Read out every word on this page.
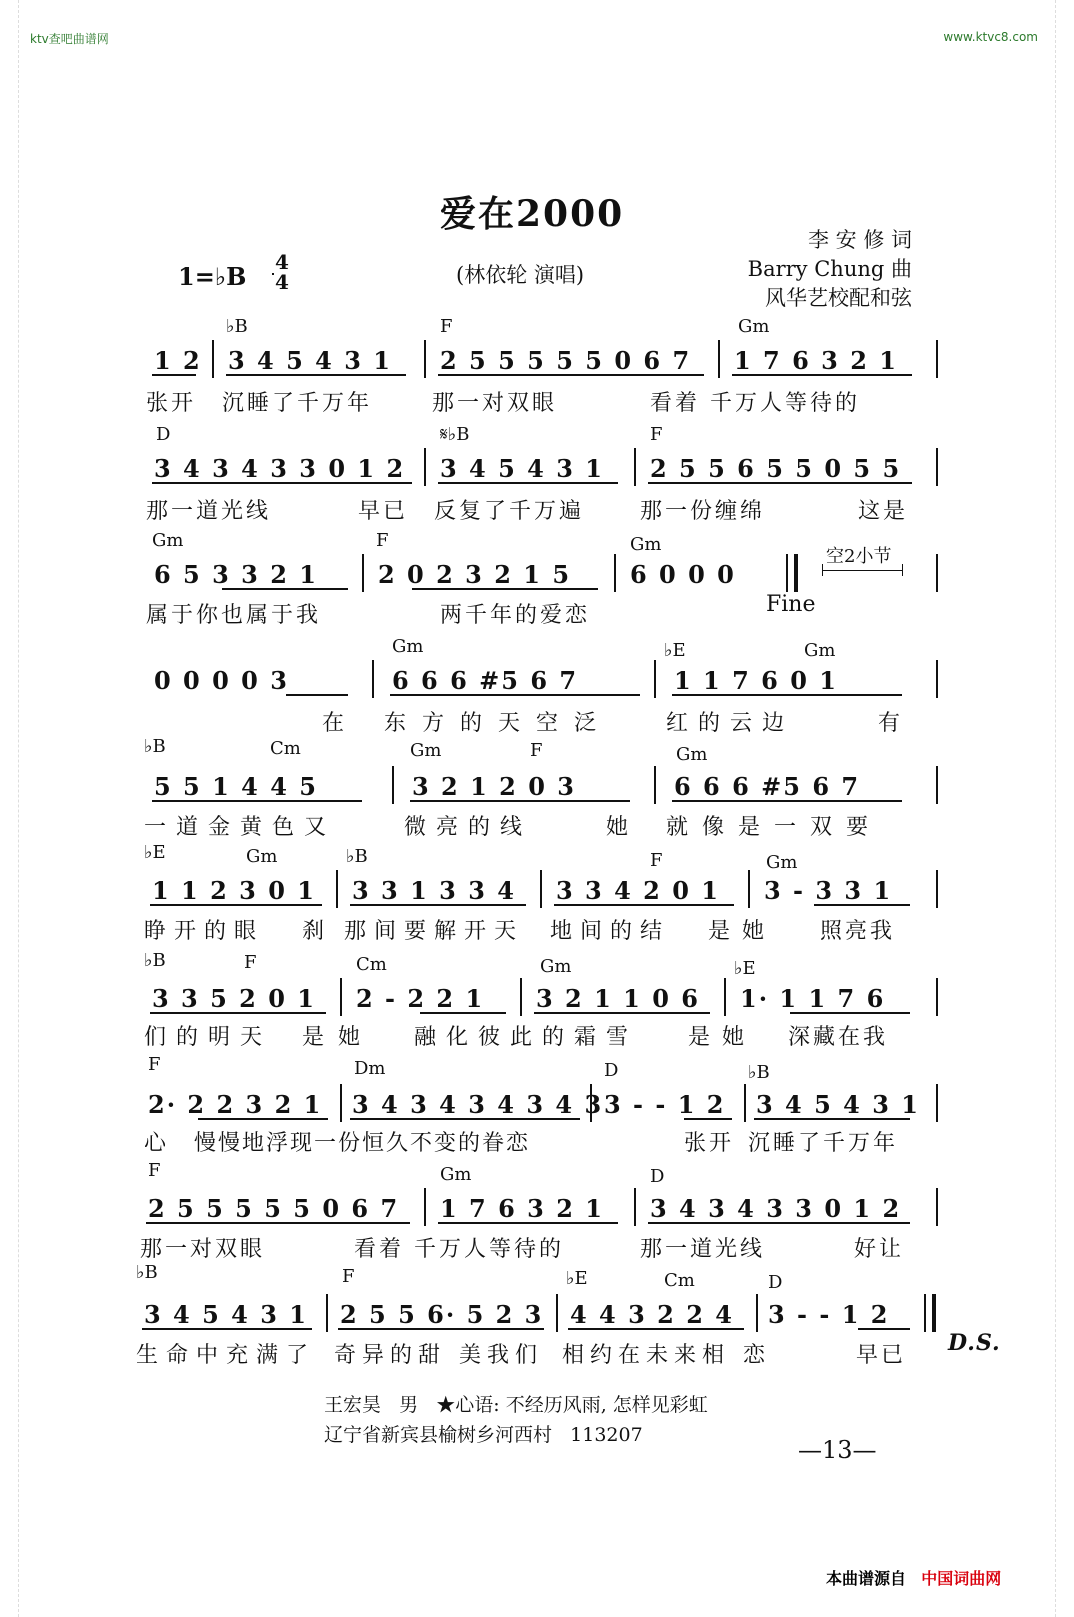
ktv查吧曲谱网	www.ktvc8.com
爱在2000
李 安 修 词
Barry Chung 曲
风华艺校配和弦
1=♭B 4
4	(林依轮 演唱)
♭B	F	Gm
1 2 3 4 5 4 3 1 2 5 5 5 5 5 0 6 7 1 7 6 3 2 1
张开 沉睡了千万年	那一对双眼	看着 千万人等待的
D	𝄋♭B	F
3 4 3 4 3 3 0 1 2 3 4 5 4 3 1 2 5 5 6 5 5 0 5 5
那一道光线	早已 反复了千万遍	那一份缠绵	这是
Gm	F	Gm
6 5 3 3 2 1	2 0 2 3 2 1 5 6 0 0 0
空2小节
属于你也属于我	两千年的爱恋	Fine
Gm	♭E	Gm
0 0 0 0 3	6 6 6 #5 6 7	1 1 7 6 0 1
在 东方的天空泛 红的云边	有
♭B	Cm	Gm	F	Gm
5 5 1 4 4 5	3 2 1 2 0 3	6 6 6 #5 6 7
一道金黄色又	微亮的线	她 就像是一双要
♭E	Gm	♭B	F	Gm
1 1 2 3 0 1 3 3 1 3 3 4 3 3 4 2 0 1 3 - 3 3 1
睁开的眼 刹 那间要解开天 地间的结 是她 照亮我
♭B	F	Cm	Gm	♭E
3 3 5 2 0 1 2 - 2 2 1 3 2 1 1 0 6 1· 1 1 7 6
们的明天 是她 融化彼此的霜雪 是她 深藏在我
F	Dm	D	♭B
2· 2 2 3 2 1 3 4 3 4 3 4 3 4 3 3 - - 1 2 3 4 5 4 3 1
心 慢慢地浮现一份恒久不变的眷恋	张开 沉睡了千万年
F	Gm	D
2 5 5 5 5 5 0 6 7 1 7 6 3 2 1 3 4 3 4 3 3 0 1 2
那一对双眼	看着 千万人等待的	那一道光线	好让
♭B	F	♭E	Cm	D
3 4 5 4 3 1 2 5 5 6· 5 2 3 4 4 3 2 2 4 3 - - 1 2
生命中充满了 奇异的甜 美我们 相约在未来相 恋	早已 D.S.
王宏昊 男 ★心语: 不经历风雨, 怎样见彩虹
辽宁省新宾县榆树乡河西村 113207
—13—
本曲谱源自 中国词曲网
